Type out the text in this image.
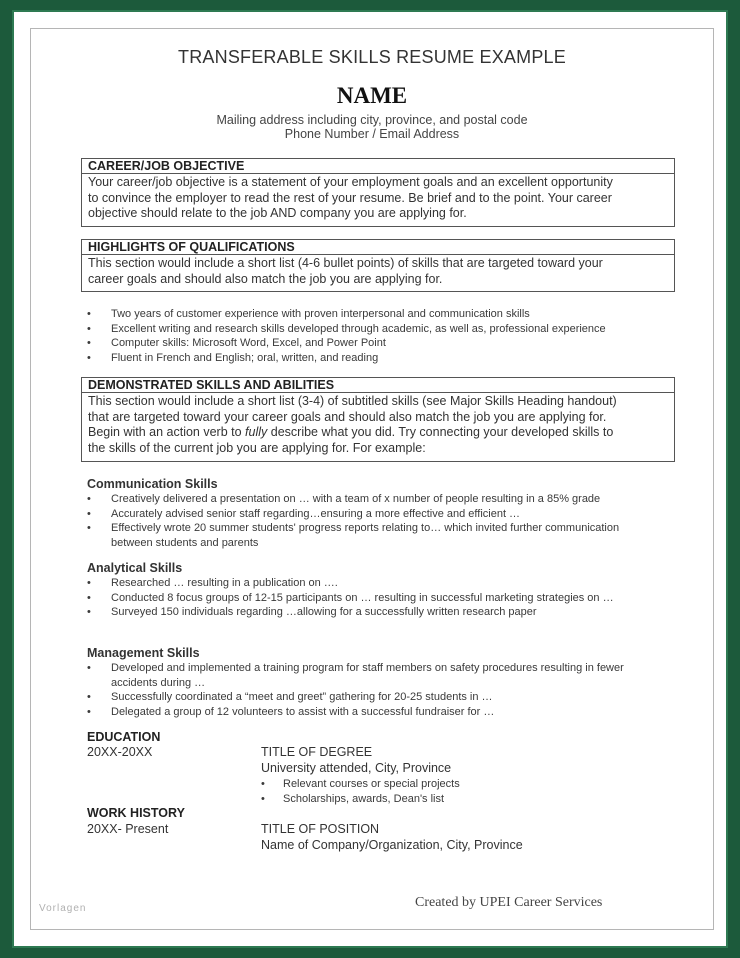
TRANSFERABLE SKILLS RESUME EXAMPLE
NAME
Mailing address including city, province, and postal code
Phone Number / Email Address
CAREER/JOB OBJECTIVE
Your career/job objective is a statement of your employment goals and an excellent opportunity
to convince the employer to read the rest of your resume. Be brief and to the point. Your career
objective should relate to the job AND company you are applying for.
HIGHLIGHTS OF QUALIFICATIONS
This section would include a short list (4-6 bullet points) of skills that are targeted toward your
career goals and should also match the job you are applying for.
• Two years of customer experience with proven interpersonal and communication skills
• Excellent writing and research skills developed through academic, as well as, professional experience
• Computer skills: Microsoft Word, Excel, and Power Point
• Fluent in French and English; oral, written, and reading
DEMONSTRATED SKILLS AND ABILITIES
This section would include a short list (3-4) of subtitled skills (see Major Skills Heading handout)
that are targeted toward your career goals and should also match the job you are applying for.
Begin with an action verb to fully describe what you did. Try connecting your developed skills to
the skills of the current job you are applying for. For example:
Communication Skills
• Creatively delivered a presentation on … with a team of x number of people resulting in a 85% grade
• Accurately advised senior staff regarding…ensuring a more effective and efficient …
• Effectively wrote 20 summer students' progress reports relating to… which invited further communication between students and parents
Analytical Skills
• Researched … resulting in a publication on ….
• Conducted 8 focus groups of 12-15 participants on … resulting in successful marketing strategies on …
• Surveyed 150 individuals regarding …allowing for a successfully written research paper
Management Skills
• Developed and implemented a training program for staff members on safety procedures resulting in fewer accidents during …
• Successfully coordinated a “meet and greet” gathering for 20-25 students in …
• Delegated a group of 12 volunteers to assist with a successful fundraiser for …
EDUCATION
20XX-20XX	TITLE OF DEGREE
University attended, City, Province
• Relevant courses or special projects
• Scholarships, awards, Dean's list
WORK HISTORY
20XX- Present	TITLE OF POSITION
Name of Company/Organization, City, Province
Vorlagen	Created by UPEI Career Services
